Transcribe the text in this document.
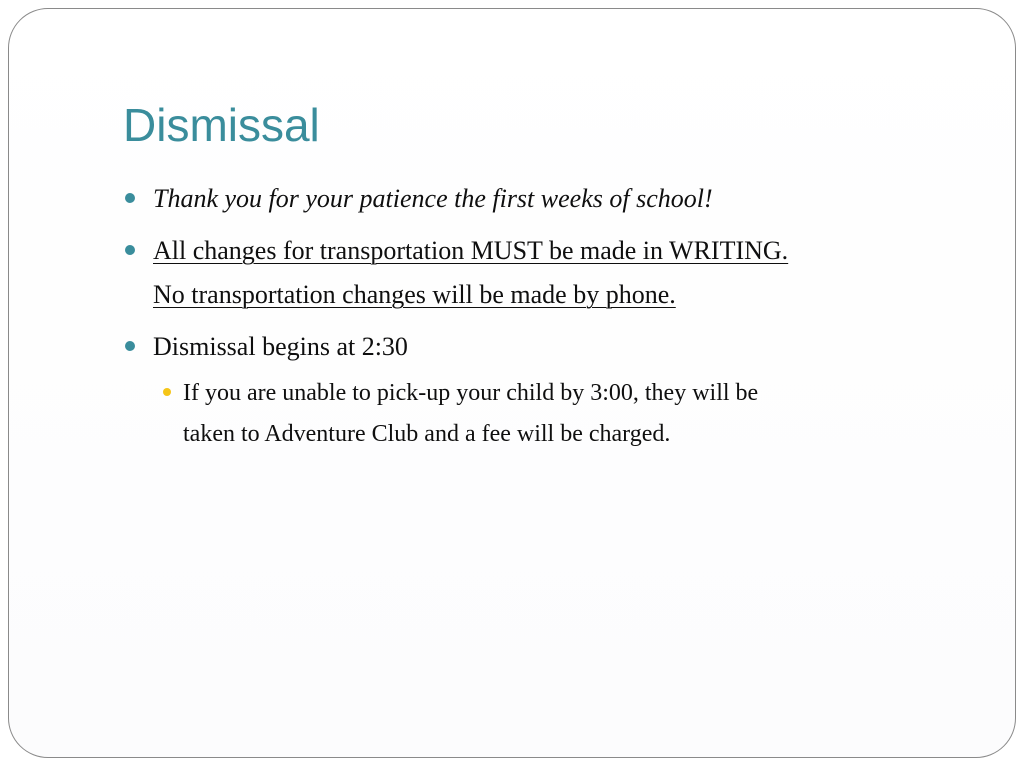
Dismissal
Thank you for your patience the first weeks of school!
All changes for transportation MUST be made in WRITING.
No transportation changes will be made by phone.
Dismissal begins at 2:30
If you are unable to pick-up your child by 3:00, they will be
taken to Adventure Club and a fee will be charged.
